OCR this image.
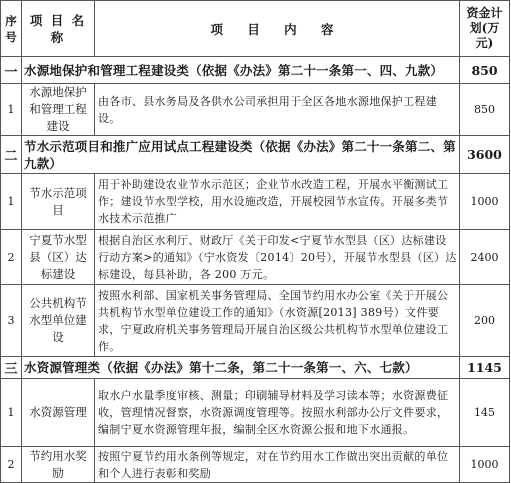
序号	项 目 名 称	项 目 内 容	资金计划(万元)
一	水源地保护和管理工程建设类（依据《办法》第二十一条第一、四、九款）		850
1	水源地保护和管理工程建设	由各市、县水务局及各供水公司承担用于全区各地水源地保护工程建设。	850
二	节水示范项目和推广应用试点工程建设类（依据《办法》第二十一条第二、第九款）		3600
1	节水示范项目	用于补助建设农业节水示范区；企业节水改造工程，开展水平衡测试工作；建设节水型学校，用水设施改造，开展校园节水宣传。开展多类节水技术示范推广	1000
2	宁夏节水型县（区）达标建设	根据自治区水利厅、财政厅《关于印发<宁夏节水型县（区）达标建设行动方案>的通知》（宁水资发〔2014〕20号），开展节水型县（区）达标建设，每县补助，各 200 万元。	2400
3	公共机构节水型单位建设	按照水利部、国家机关事务管理局、全国节约用水办公室《关于开展公共机构节水型单位建设工作的通知》（水资源[2013] 389号）文件要求，宁夏政府机关事务管理局开展自治区级公共机构节水型单位建设工作。	200
三	水资源管理类（依据《办法》第十二条，第二十一条第一、六、七款）		1145
1	水资源管理	取水户水量季度审核、测量；印刷辅导材料及学习读本等；水资源费征收，管理情况督察，水资源调度管理等。按照水利部办公厅文件要求，编制宁夏水资源管理年报，编制全区水资源公报和地下水通报。	145
2	节约用水奖励	按照宁夏节约用水条例等规定，对在节约用水工作做出突出贡献的单位和个人进行表彰和奖励	1000
